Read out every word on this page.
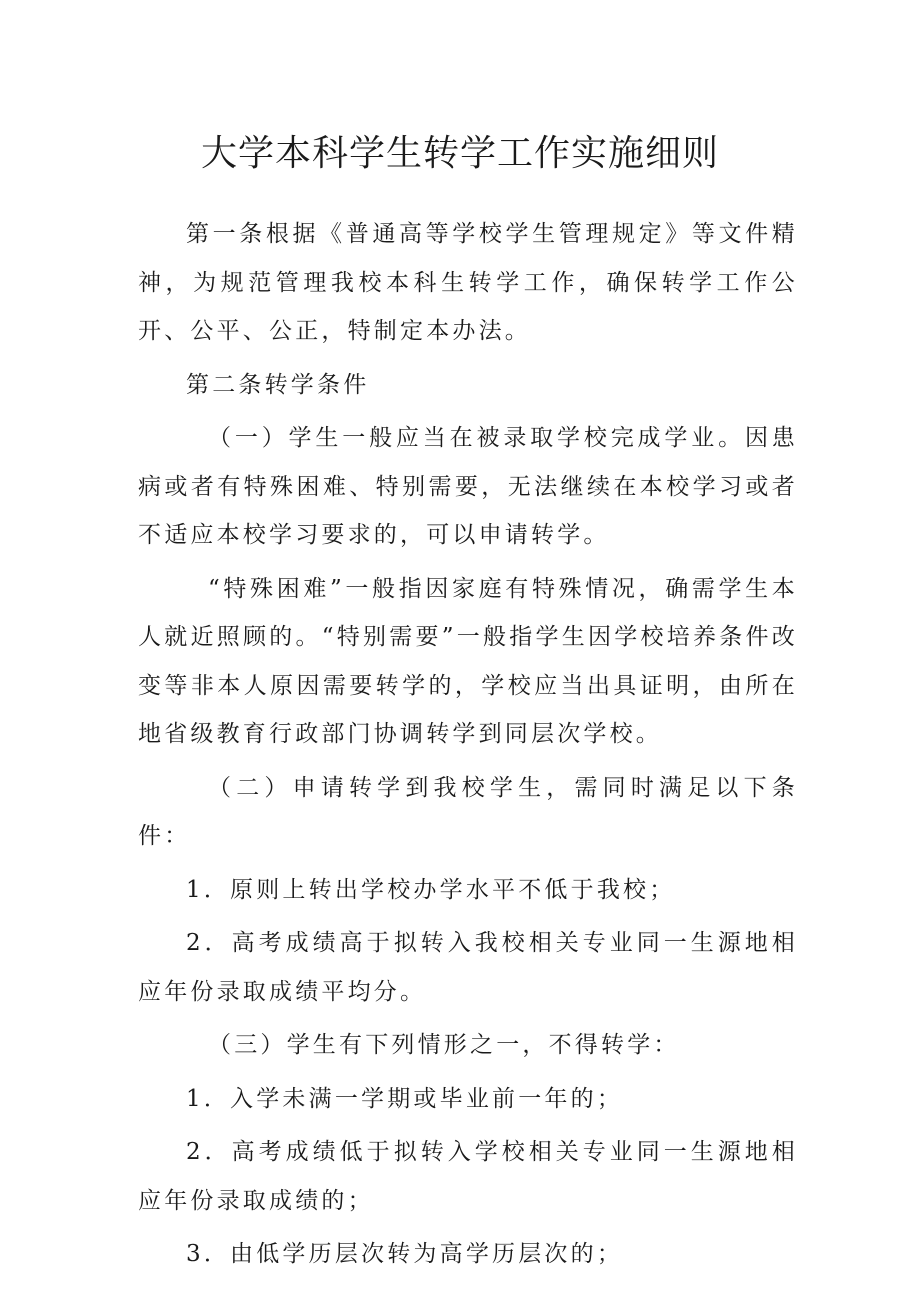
大学本科学生转学工作实施细则

第一条根据《普通高等学校学生管理规定》等文件精神，为规范管理我校本科生转学工作，确保转学工作公开、公平、公正，特制定本办法。

第二条转学条件

（一）学生一般应当在被录取学校完成学业。因患病或者有特殊困难、特别需要，无法继续在本校学习或者不适应本校学习要求的，可以申请转学。

“特殊困难”一般指因家庭有特殊情况，确需学生本人就近照顾的。“特别需要”一般指学生因学校培养条件改变等非本人原因需要转学的，学校应当出具证明，由所在地省级教育行政部门协调转学到同层次学校。

（二）申请转学到我校学生，需同时满足以下条件：

1．原则上转出学校办学水平不低于我校；

2．高考成绩高于拟转入我校相关专业同一生源地相应年份录取成绩平均分。

（三）学生有下列情形之一，不得转学：

1．入学未满一学期或毕业前一年的；

2．高考成绩低于拟转入学校相关专业同一生源地相应年份录取成绩的；

3．由低学历层次转为高学历层次的；
